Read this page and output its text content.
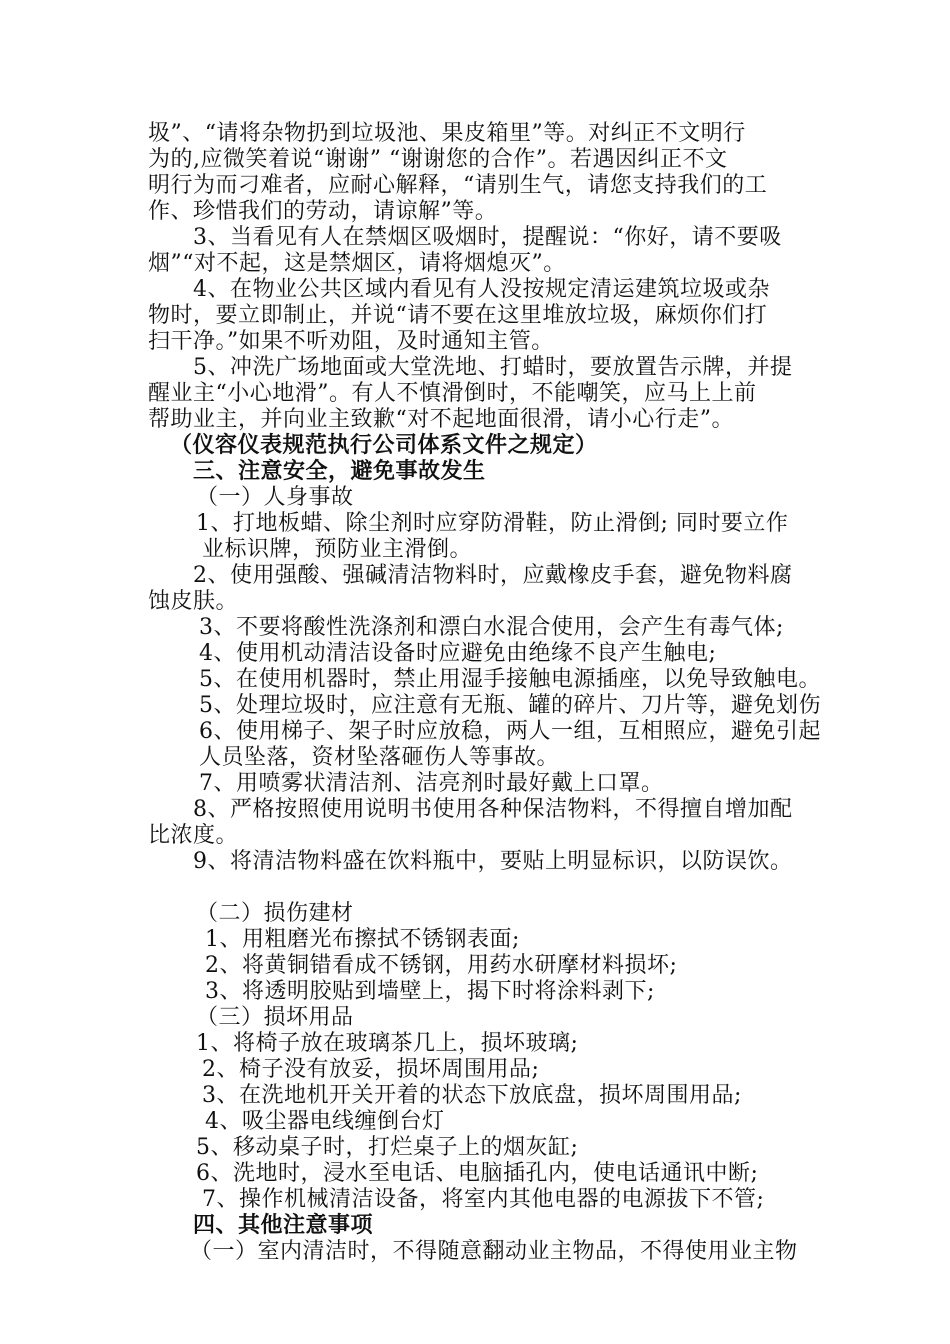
圾”、“请将杂物扔到垃圾池、果皮箱里”等。对纠正不文明行
为的,应微笑着说“谢谢” “谢谢您的合作”。若遇因纠正不文
明行为而刁难者，应耐心解释，“请别生气，请您支持我们的工
作、珍惜我们的劳动，请谅解”等。
3、当看见有人在禁烟区吸烟时，提醒说：“你好，请不要吸
烟”“对不起，这是禁烟区，请将烟熄灭”。
4、在物业公共区域内看见有人没按规定清运建筑垃圾或杂
物时，要立即制止，并说“请不要在这里堆放垃圾，麻烦你们打
扫干净。”如果不听劝阻，及时通知主管。
5、冲洗广场地面或大堂洗地、打蜡时，要放置告示牌，并提
醒业主“小心地滑”。有人不慎滑倒时，不能嘲笑，应马上上前
帮助业主，并向业主致歉“对不起地面很滑，请小心行走”。
（仪容仪表规范执行公司体系文件之规定）
三、注意安全，避免事故发生
（一）人身事故
1、打地板蜡、除尘剂时应穿防滑鞋，防止滑倒; 同时要立作
业标识牌，预防业主滑倒。
2、使用强酸、强碱清洁物料时，应戴橡皮手套，避免物料腐
蚀皮肤。
3、不要将酸性洗涤剂和漂白水混合使用，会产生有毒气体;
4、使用机动清洁设备时应避免由绝缘不良产生触电;
5、在使用机器时，禁止用湿手接触电源插座，以免导致触电。
5、处理垃圾时，应注意有无瓶、罐的碎片、刀片等，避免划伤
6、使用梯子、架子时应放稳，两人一组，互相照应，避免引起
人员坠落，资材坠落砸伤人等事故。
7、用喷雾状清洁剂、洁亮剂时最好戴上口罩。
8、严格按照使用说明书使用各种保洁物料，不得擅自增加配
比浓度。
9、将清洁物料盛在饮料瓶中，要贴上明显标识，以防误饮。
（二）损伤建材
1、用粗磨光布擦拭不锈钢表面;
2、将黄铜错看成不锈钢，用药水研摩材料损坏;
3、将透明胶贴到墙壁上，揭下时将涂料剥下;
（三）损坏用品
1、将椅子放在玻璃茶几上，损坏玻璃;
2、椅子没有放妥，损坏周围用品;
3、在洗地机开关开着的状态下放底盘，损坏周围用品;
4、吸尘器电线缠倒台灯
5、移动桌子时，打烂桌子上的烟灰缸;
6、洗地时，浸水至电话、电脑插孔内，使电话通讯中断;
7、操作机械清洁设备，将室内其他电器的电源拔下不管;
四、其他注意事项
（一）室内清洁时，不得随意翻动业主物品，不得使用业主物
